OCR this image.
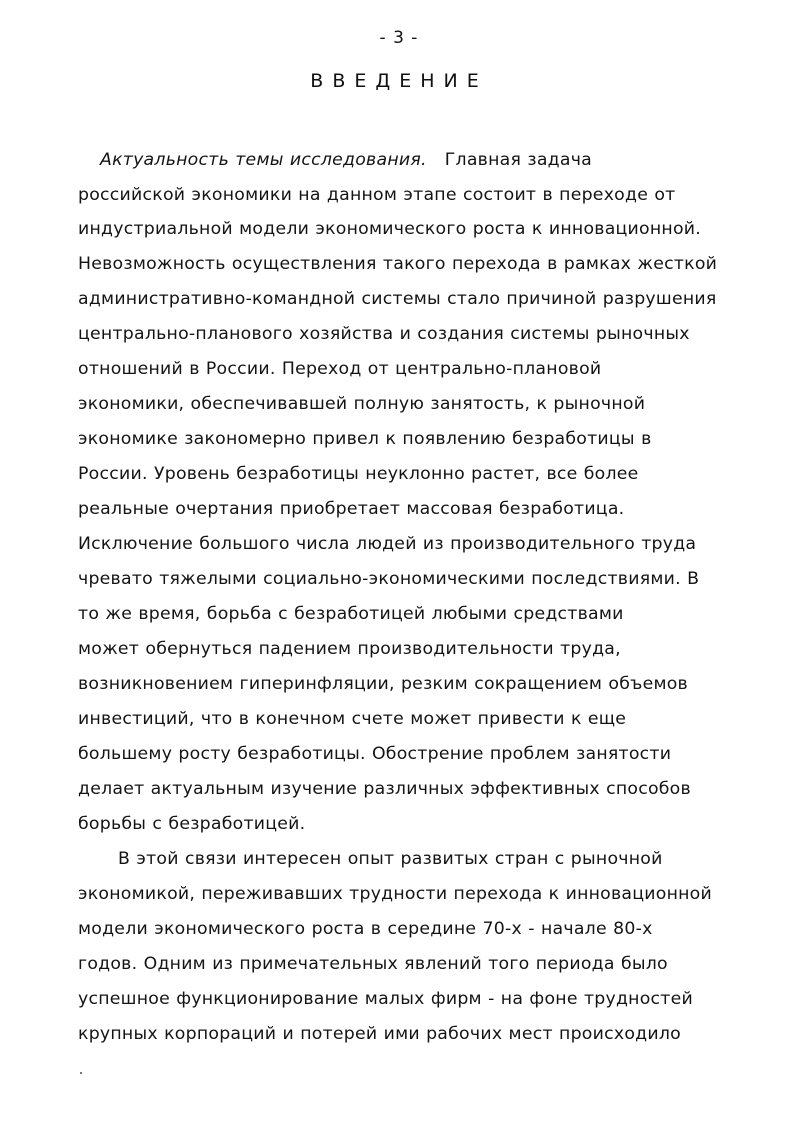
- 3 -
ВВЕДЕНИЕ
Актуальность темы исследования. Главная задача
российской экономики на данном этапе состоит в переходе от
индустриальной модели экономического роста к инновационной.
Невозможность осуществления такого перехода в рамках жесткой
административно-командной системы стало причиной разрушения
центрально-планового хозяйства и создания системы рыночных
отношений в России. Переход от центрально-плановой
экономики, обеспечивавшей полную занятость, к рыночной
экономике закономерно привел к появлению безработицы в
России. Уровень безработицы неуклонно растет, все более
реальные очертания приобретает массовая безработица.
Исключение большого числа людей из производительного труда
чревато тяжелыми социально-экономическими последствиями. В
то же время, борьба с безработицей любыми средствами
может обернуться падением производительности труда,
возникновением гиперинфляции, резким сокращением объемов
инвестиций, что в конечном счете может привести к еще
большему росту безработицы. Обострение проблем занятости
делает актуальным изучение различных эффективных способов
борьбы с безработицей.
В этой связи интересен опыт развитых стран с рыночной
экономикой, переживавших трудности перехода к инновационной
модели экономического роста в середине 70-х - начале 80-х
годов. Одним из примечательных явлений того периода было
успешное функционирование малых фирм - на фоне трудностей
крупных корпораций и потерей ими рабочих мест происходило
